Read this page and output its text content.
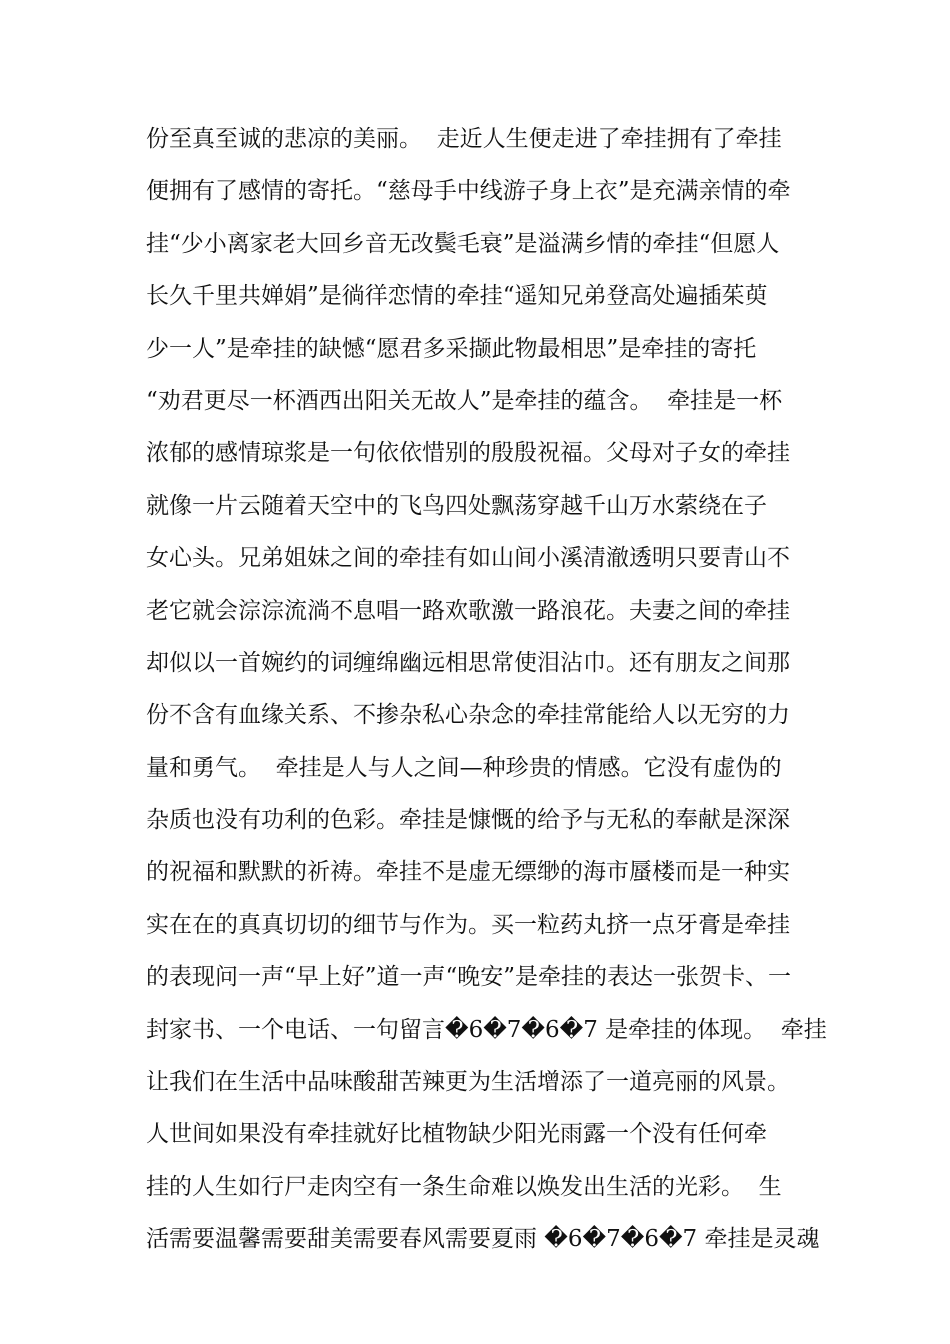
份至真至诚的悲凉的美丽。  走近人生便走进了牵挂拥有了牵挂
便拥有了感情的寄托。“慈母手中线游子身上衣”是充满亲情的牵
挂“少小离家老大回乡音无改鬓毛衰”是溢满乡情的牵挂“但愿人
长久千里共婵娟”是徜徉恋情的牵挂“遥知兄弟登高处遍插茱萸
少一人”是牵挂的缺憾“愿君多采撷此物最相思”是牵挂的寄托
“劝君更尽一杯酒西出阳关无故人”是牵挂的蕴含。  牵挂是一杯
浓郁的感情琼浆是一句依依惜别的殷殷祝福。父母对子女的牵挂
就像一片云随着天空中的飞鸟四处飘荡穿越千山万水萦绕在子
女心头。兄弟姐妹之间的牵挂有如山间小溪清澈透明只要青山不
老它就会淙淙流淌不息唱一路欢歌激一路浪花。夫妻之间的牵挂
却似以一首婉约的词缠绵幽远相思常使泪沾巾。还有朋友之间那
份不含有血缘关系、不掺杂私心杂念的牵挂常能给人以无穷的力
量和勇气。  牵挂是人与人之间—种珍贵的情感。它没有虚伪的
杂质也没有功利的色彩。牵挂是慷慨的给予与无私的奉献是深深
的祝福和默默的祈祷。牵挂不是虚无缥缈的海市蜃楼而是一种实
实在在的真真切切的细节与作为。买一粒药丸挤一点牙膏是牵挂
的表现问一声“早上好”道一声“晚安”是牵挂的表达一张贺卡、一
封家书、一个电话、一句留言�6�7�6�7 是牵挂的体现。  牵挂
让我们在生活中品味酸甜苦辣更为生活增添了一道亮丽的风景。
人世间如果没有牵挂就好比植物缺少阳光雨露一个没有任何牵
挂的人生如行尸走肉空有一条生命难以焕发出生活的光彩。  生
活需要温馨需要甜美需要春风需要夏雨 �6�7�6�7 牵挂是灵魂
